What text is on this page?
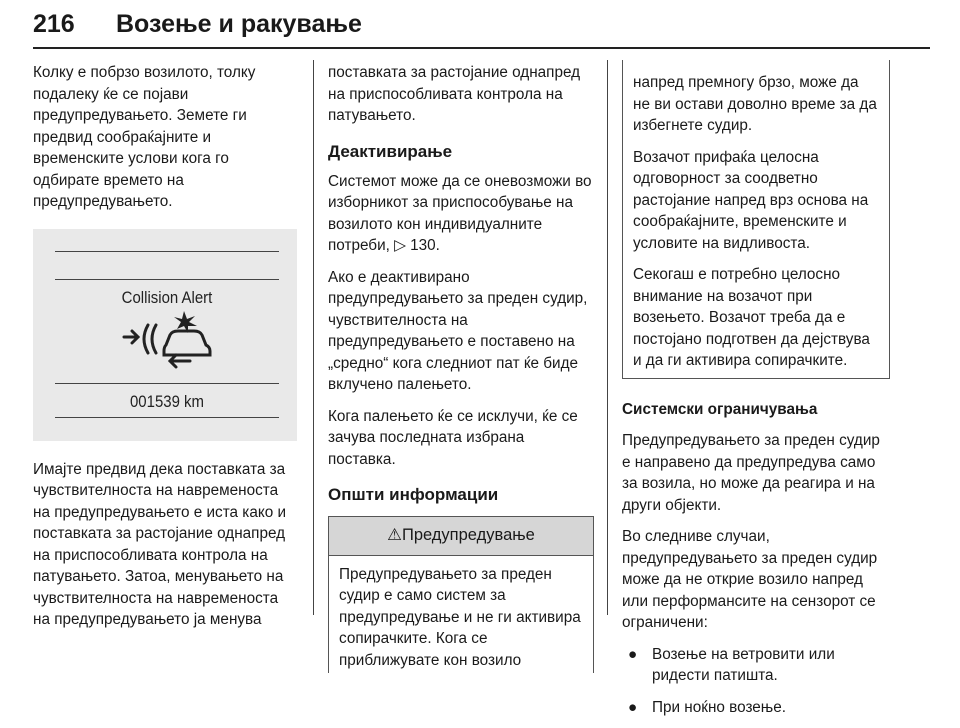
216 Возење и ракување

Колку е побрзо возилото, толку подалеку ќе се појави предупредувањето. Земете ги предвид сообраќајните и временските услови кога го одбирате времето на предупредувањето.

Collision Alert
001539 km

Имајте предвид дека поставката за чувствителноста на навременоста на предупредувањето е иста како и поставката за растојание однапред на приспособливата контрола на патувањето. Затоа, менувањето на чувствителноста на навременоста на предупредувањето ја менува

поставката за растојание однапред на приспособливата контрола на патувањето.

Деактивирање

Системот може да се оневозможи во изборникот за приспособување на возилото кон индивидуалните потреби, ▷ 130.

Ако е деактивирано предупредувањето за преден судир, чувствителноста на предупредувањето е поставено на „средно“ кога следниот пат ќе биде вклучено палењето.

Кога палењето ќе се исклучи, ќе се зачува последната избрана поставка.

Општи информации
⚠Предупредување
Предупредувањето за преден судир е само систем за предупредување и не ги активира сопирачките. Кога се приближувате кон возило

напред премногу брзо, може да не ви остави доволно време за да избегнете судир.

Возачот прифаќа целосна одговорност за соодветно растојание напред врз основа на сообраќајните, временските и условите на видливоста.

Секогаш е потребно целосно внимание на возачот при возењето. Возачот треба да е постојано подготвен да дејствува и да ги активира сопирачките.

Системски ограничувања

Предупредувањето за преден судир е направено да предупредува само за возила, но може да реагира и на други објекти.

Во следниве случаи, предупредувањето за преден судир може да не открие возило напред или перформансите на сензорот се ограничени:

● Возење на ветровити или ридести патишта.

● При ноќно возење.
